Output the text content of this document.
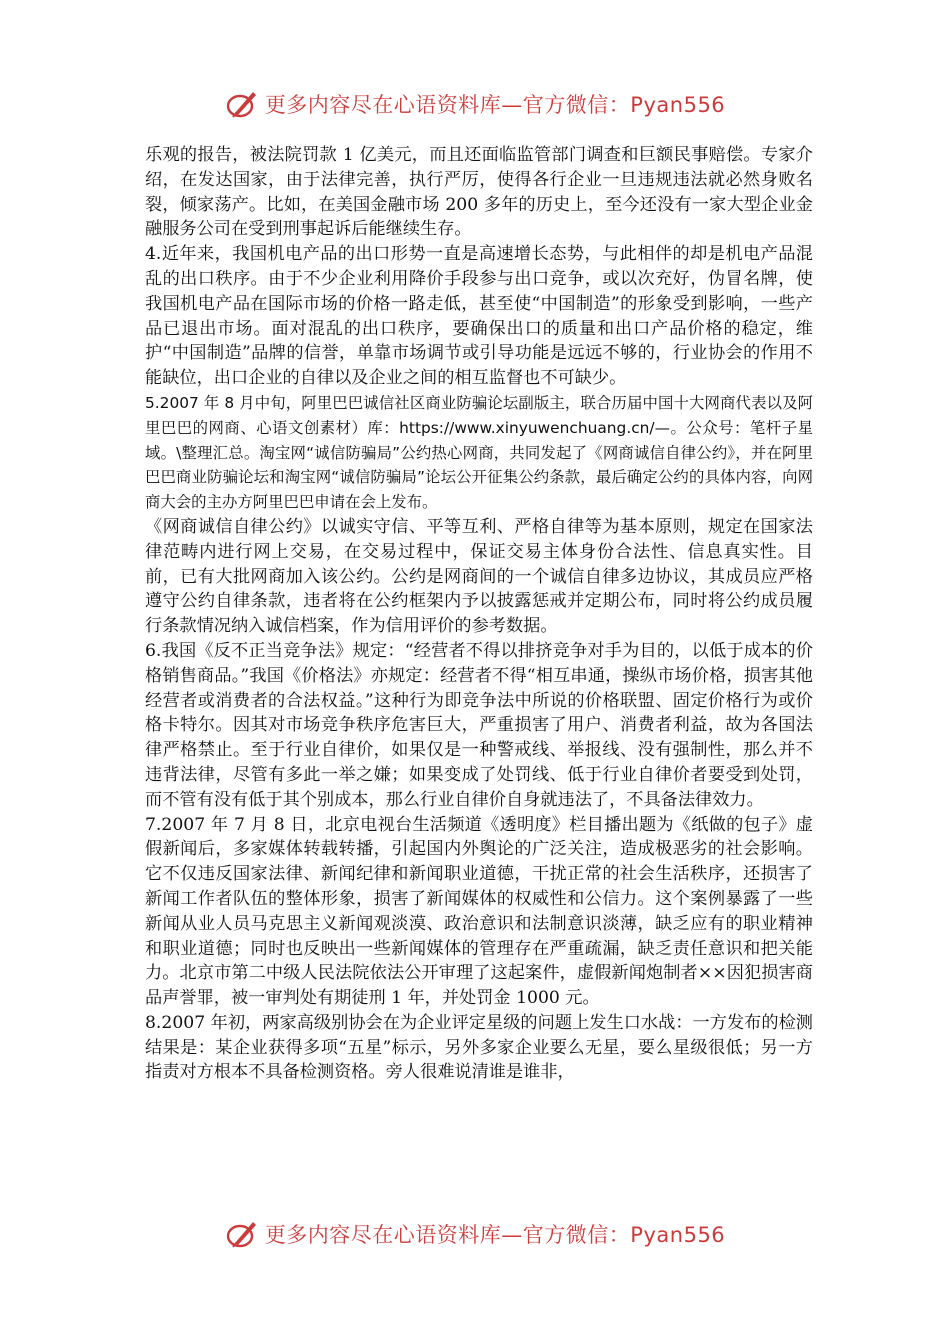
更多内容尽在心语资料库—官方微信：Pyan556

乐观的报告，被法院罚款 1 亿美元，而且还面临监管部门调查和巨额民事赔偿。专家介绍，在发达国家，由于法律完善，执行严厉，使得各行企业一旦违规违法就必然身败名裂，倾家荡产。比如，在美国金融市场 200 多年的历史上，至今还没有一家大型企业金融服务公司在受到刑事起诉后能继续生存。

4.近年来，我国机电产品的出口形势一直是高速增长态势，与此相伴的却是机电产品混乱的出口秩序。由于不少企业利用降价手段参与出口竞争，或以次充好，伪冒名牌，使我国机电产品在国际市场的价格一路走低，甚至使“中国制造”的形象受到影响，一些产品已退出市场。面对混乱的出口秩序，要确保出口的质量和出口产品价格的稳定，维护“中国制造”品牌的信誉，单靠市场调节或引导功能是远远不够的，行业协会的作用不能缺位，出口企业的自律以及企业之间的相互监督也不可缺少。

5.2007 年 8 月中旬，阿里巴巴诚信社区商业防骗论坛副版主，联合历届中国十大网商代表以及阿里巴巴的网商、心语文创素材）库：https://www.xinyuwenchuang.cn/—。公众号：笔杆子星域。\整理汇总。淘宝网“诚信防骗局”公约热心网商，共同发起了《网商诚信自律公约》，并在阿里巴巴商业防骗论坛和淘宝网“诚信防骗局”论坛公开征集公约条款，最后确定公约的具体内容，向网商大会的主办方阿里巴巴申请在会上发布。

《网商诚信自律公约》以诚实守信、平等互利、严格自律等为基本原则，规定在国家法律范畴内进行网上交易，在交易过程中，保证交易主体身份合法性、信息真实性。目前，已有大批网商加入该公约。公约是网商间的一个诚信自律多边协议，其成员应严格遵守公约自律条款，违者将在公约框架内予以披露惩戒并定期公布，同时将公约成员履行条款情况纳入诚信档案，作为信用评价的参考数据。

6.我国《反不正当竞争法》规定：“经营者不得以排挤竞争对手为目的，以低于成本的价格销售商品。”我国《价格法》亦规定：经营者不得“相互串通，操纵市场价格，损害其他经营者或消费者的合法权益。”这种行为即竞争法中所说的价格联盟、固定价格行为或价格卡特尔。因其对市场竞争秩序危害巨大，严重损害了用户、消费者利益，故为各国法律严格禁止。至于行业自律价，如果仅是一种警戒线、举报线、没有强制性，那么并不违背法律，尽管有多此一举之嫌；如果变成了处罚线、低于行业自律价者要受到处罚，而不管有没有低于其个别成本，那么行业自律价自身就违法了，不具备法律效力。

7.2007 年 7 月 8 日，北京电视台生活频道《透明度》栏目播出题为《纸做的包子》虚假新闻后，多家媒体转载转播，引起国内外舆论的广泛关注，造成极恶劣的社会影响。它不仅违反国家法律、新闻纪律和新闻职业道德，干扰正常的社会生活秩序，还损害了新闻工作者队伍的整体形象，损害了新闻媒体的权威性和公信力。这个案例暴露了一些新闻从业人员马克思主义新闻观淡漠、政治意识和法制意识淡薄，缺乏应有的职业精神和职业道德；同时也反映出一些新闻媒体的管理存在严重疏漏，缺乏责任意识和把关能力。北京市第二中级人民法院依法公开审理了这起案件，虚假新闻炮制者××因犯损害商品声誉罪，被一审判处有期徒刑 1 年，并处罚金 1000 元。

8.2007 年初，两家高级别协会在为企业评定星级的问题上发生口水战：一方发布的检测结果是：某企业获得多项“五星”标示，另外多家企业要么无星，要么星级很低；另一方指责对方根本不具备检测资格。旁人很难说清谁是谁非，

更多内容尽在心语资料库—官方微信：Pyan556
